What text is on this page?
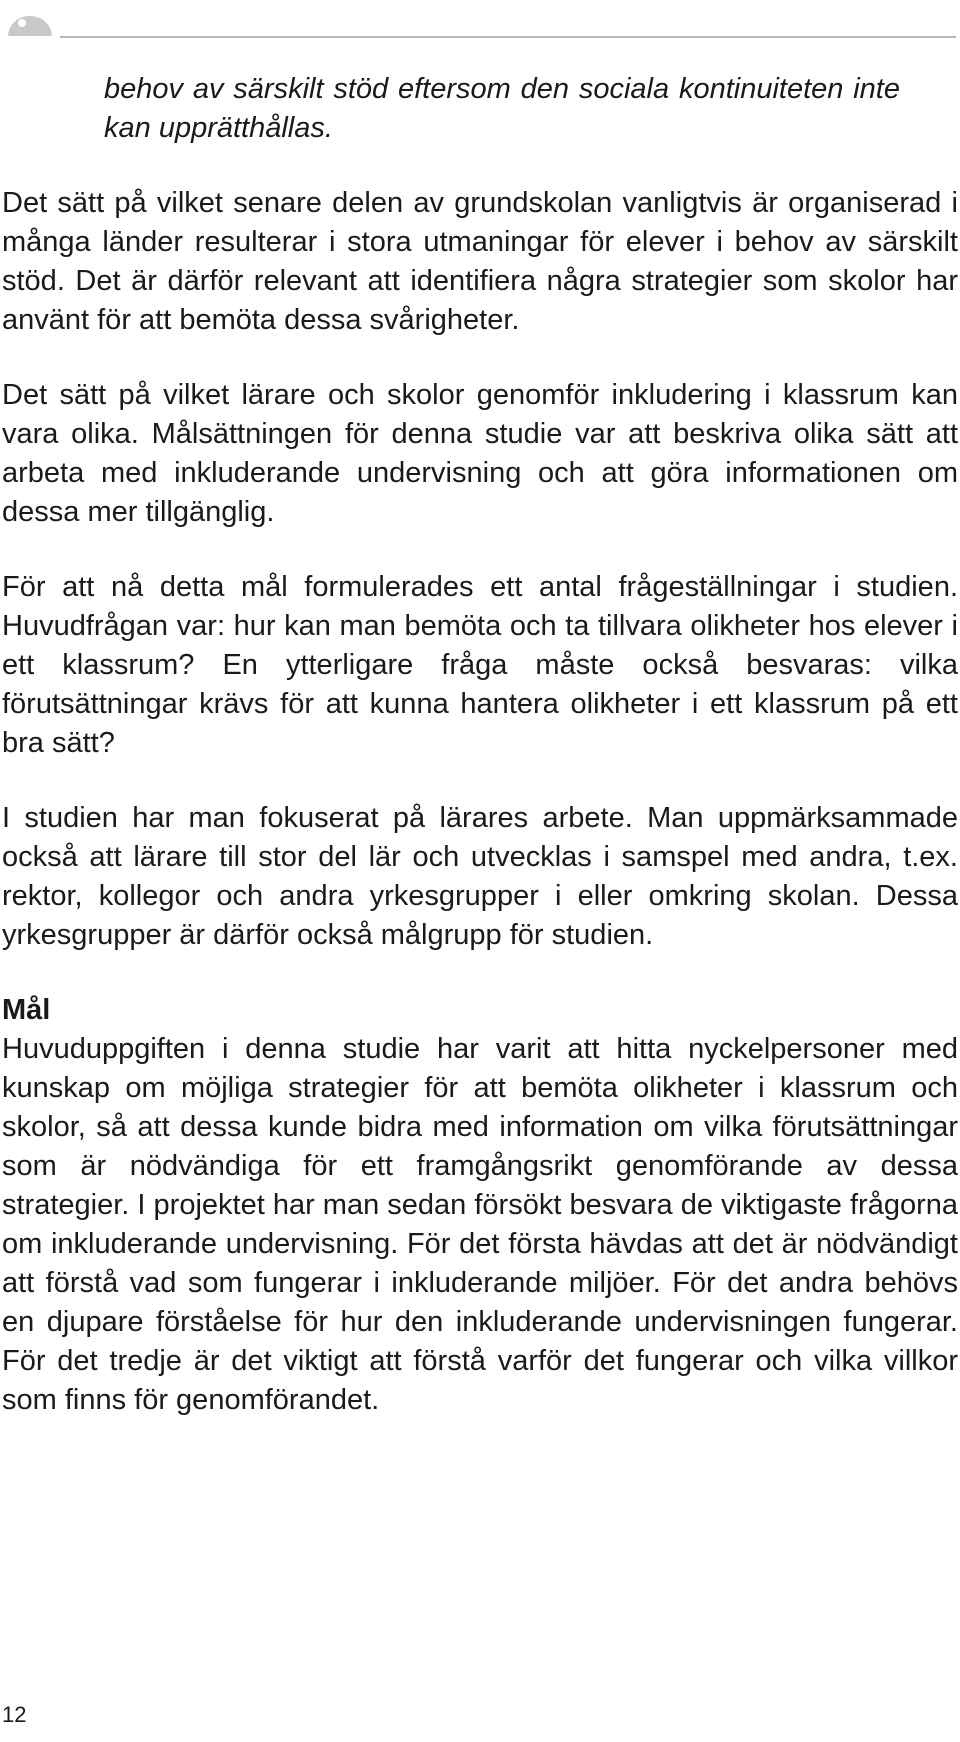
behov av särskilt stöd eftersom den sociala kontinuiteten inte kan upprätthållas.

Det sätt på vilket senare delen av grundskolan vanligtvis är organiserad i många länder resulterar i stora utmaningar för elever i behov av särskilt stöd. Det är därför relevant att identifiera några strategier som skolor har använt för att bemöta dessa svårigheter.

Det sätt på vilket lärare och skolor genomför inkludering i klassrum kan vara olika. Målsättningen för denna studie var att beskriva olika sätt att arbeta med inkluderande undervisning och att göra informationen om dessa mer tillgänglig.

För att nå detta mål formulerades ett antal frågeställningar i studien. Huvudfrågan var: hur kan man bemöta och ta tillvara olikheter hos elever i ett klassrum? En ytterligare fråga måste också besvaras: vilka förutsättningar krävs för att kunna hantera olikheter i ett klassrum på ett bra sätt?

I studien har man fokuserat på lärares arbete. Man uppmärksammade också att lärare till stor del lär och utvecklas i samspel med andra, t.ex. rektor, kollegor och andra yrkesgrupper i eller omkring skolan. Dessa yrkesgrupper är därför också målgrupp för studien.

Mål

Huvuduppgiften i denna studie har varit att hitta nyckelpersoner med kunskap om möjliga strategier för att bemöta olikheter i klassrum och skolor, så att dessa kunde bidra med information om vilka förutsättningar som är nödvändiga för ett framgångsrikt genomförande av dessa strategier. I projektet har man sedan försökt besvara de viktigaste frågorna om inkluderande undervisning. För det första hävdas att det är nödvändigt att förstå vad som fungerar i inkluderande miljöer. För det andra behövs en djupare förståelse för hur den inkluderande undervisningen fungerar. För det tredje är det viktigt att förstå varför det fungerar och vilka villkor som finns för genomförandet.

12
